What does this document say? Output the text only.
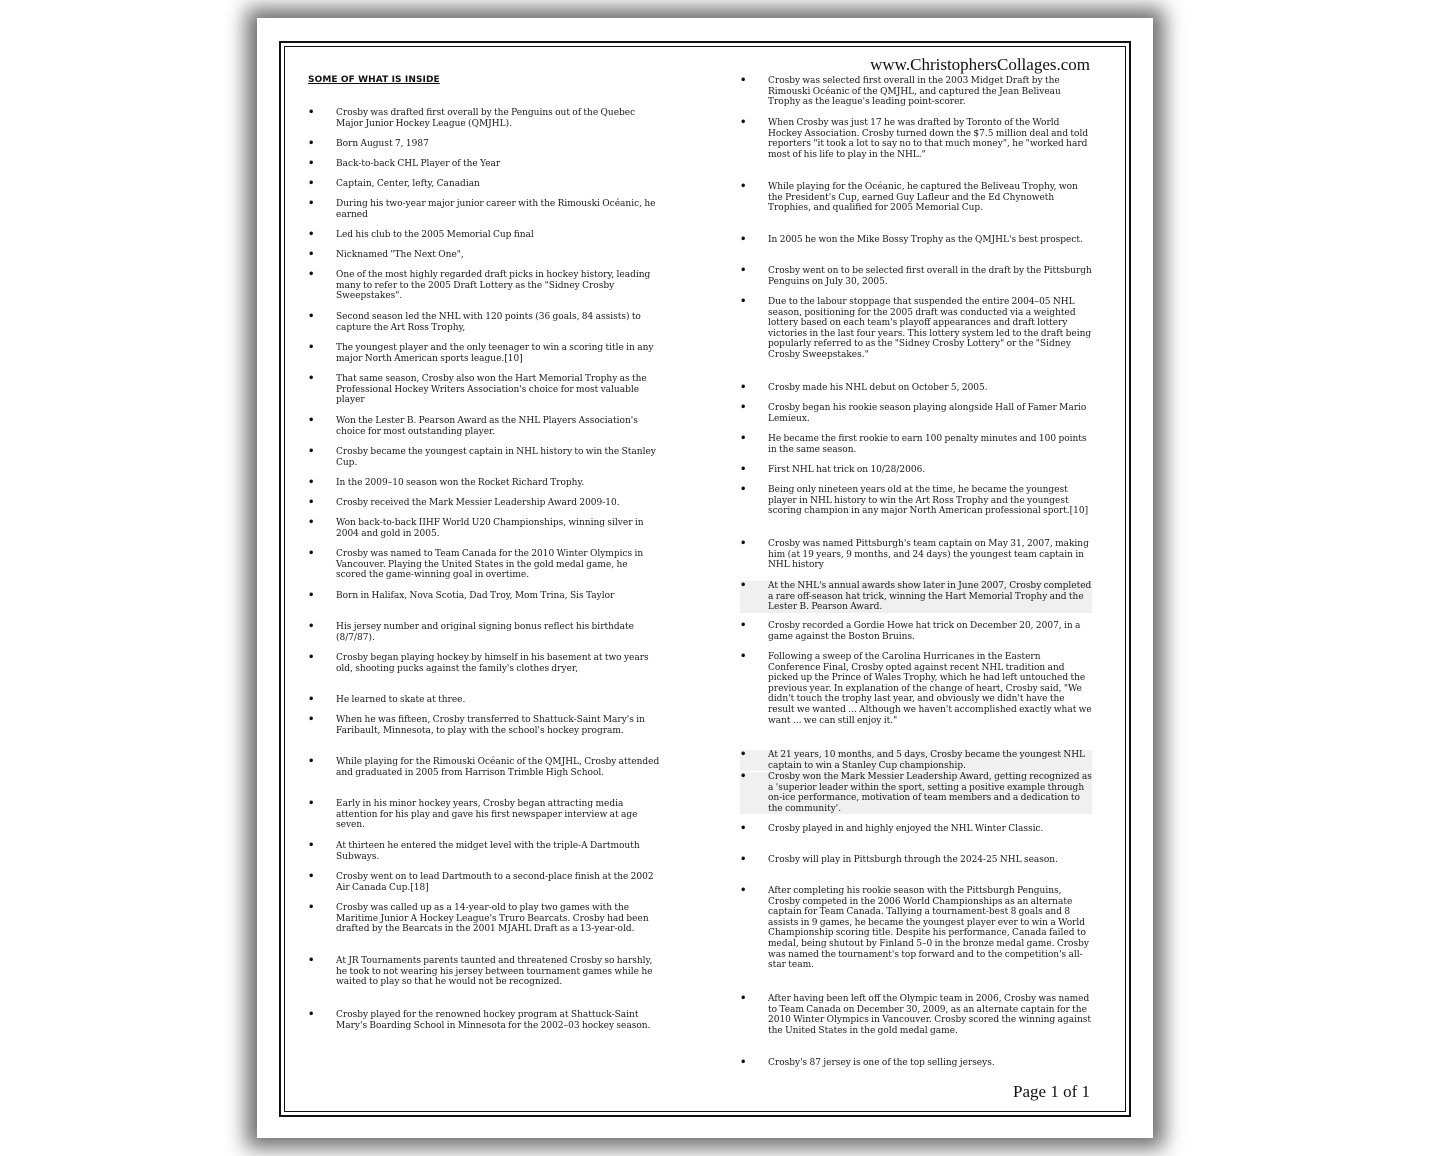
www.ChristophersCollages.com
SOME OF WHAT IS INSIDE
• Crosby was drafted first overall by the Penguins out of the Quebec Major Junior Hockey League (QMJHL).
• Born August 7, 1987
• Back-to-back CHL Player of the Year
• Captain, Center, lefty, Canadian
• During his two-year major junior career with the Rimouski Océanic, he earned
• Led his club to the 2005 Memorial Cup final
• Nicknamed "The Next One",
• One of the most highly regarded draft picks in hockey history, leading many to refer to the 2005 Draft Lottery as the "Sidney Crosby Sweepstakes".
• Second season led the NHL with 120 points (36 goals, 84 assists) to capture the Art Ross Trophy,
• The youngest player and the only teenager to win a scoring title in any major North American sports league.[10]
• That same season, Crosby also won the Hart Memorial Trophy as the Professional Hockey Writers Association's choice for most valuable player
• Won the Lester B. Pearson Award as the NHL Players Association's choice for most outstanding player.
• Crosby became the youngest captain in NHL history to win the Stanley Cup.
• In the 2009–10 season won the Rocket Richard Trophy.
• Crosby received the Mark Messier Leadership Award 2009-10.
• Won back-to-back IIHF World U20 Championships, winning silver in 2004 and gold in 2005.
• Crosby was named to Team Canada for the 2010 Winter Olympics in Vancouver. Playing the United States in the gold medal game, he scored the game-winning goal in overtime.
• Born in Halifax, Nova Scotia, Dad Troy, Mom Trina, Sis Taylor
• His jersey number and original signing bonus reflect his birthdate (8/7/87).
• Crosby began playing hockey by himself in his basement at two years old, shooting pucks against the family's clothes dryer,
• He learned to skate at three.
• When he was fifteen, Crosby transferred to Shattuck-Saint Mary's in Faribault, Minnesota, to play with the school's hockey program.
• While playing for the Rimouski Océanic of the QMJHL, Crosby attended and graduated in 2005 from Harrison Trimble High School.
• Early in his minor hockey years, Crosby began attracting media attention for his play and gave his first newspaper interview at age seven.
• At thirteen he entered the midget level with the triple-A Dartmouth Subways.
• Crosby went on to lead Dartmouth to a second-place finish at the 2002 Air Canada Cup.[18]
• Crosby was called up as a 14-year-old to play two games with the Maritime Junior A Hockey League's Truro Bearcats. Crosby had been drafted by the Bearcats in the 2001 MJAHL Draft as a 13-year-old.
• At JR Tournaments parents taunted and threatened Crosby so harshly, he took to not wearing his jersey between tournament games while he waited to play so that he would not be recognized.
• Crosby played for the renowned hockey program at Shattuck-Saint Mary's Boarding School in Minnesota for the 2002–03 hockey season.
• Crosby was selected first overall in the 2003 Midget Draft by the Rimouski Océanic of the QMJHL, and captured the Jean Beliveau Trophy as the league's leading point-scorer.
• When Crosby was just 17 he was drafted by Toronto of the World Hockey Association. Crosby turned down the $7.5 million deal and told reporters "it took a lot to say no to that much money", he "worked hard most of his life to play in the NHL."
• While playing for the Océanic, he captured the Beliveau Trophy, won the President's Cup, earned Guy Lafleur and the Ed Chynoweth Trophies, and qualified for 2005 Memorial Cup.
• In 2005 he won the Mike Bossy Trophy as the QMJHL's best prospect.
• Crosby went on to be selected first overall in the draft by the Pittsburgh Penguins on July 30, 2005.
• Due to the labour stoppage that suspended the entire 2004–05 NHL season, positioning for the 2005 draft was conducted via a weighted lottery based on each team's playoff appearances and draft lottery victories in the last four years. This lottery system led to the draft being popularly referred to as the "Sidney Crosby Lottery" or the "Sidney Crosby Sweepstakes."
• Crosby made his NHL debut on October 5, 2005.
• Crosby began his rookie season playing alongside Hall of Famer Mario Lemieux.
• He became the first rookie to earn 100 penalty minutes and 100 points in the same season.
• First NHL hat trick on 10/28/2006.
• Being only nineteen years old at the time, he became the youngest player in NHL history to win the Art Ross Trophy and the youngest scoring champion in any major North American professional sport.[10]
• Crosby was named Pittsburgh's team captain on May 31, 2007, making him (at 19 years, 9 months, and 24 days) the youngest team captain in NHL history
• At the NHL's annual awards show later in June 2007, Crosby completed a rare off-season hat trick, winning the Hart Memorial Trophy and the Lester B. Pearson Award.
• Crosby recorded a Gordie Howe hat trick on December 20, 2007, in a game against the Boston Bruins.
• Following a sweep of the Carolina Hurricanes in the Eastern Conference Final, Crosby opted against recent NHL tradition and picked up the Prince of Wales Trophy, which he had left untouched the previous year. In explanation of the change of heart, Crosby said, "We didn't touch the trophy last year, and obviously we didn't have the result we wanted ... Although we haven't accomplished exactly what we want ... we can still enjoy it."
• At 21 years, 10 months, and 5 days, Crosby became the youngest NHL captain to win a Stanley Cup championship.
• Crosby won the Mark Messier Leadership Award, getting recognized as a 'superior leader within the sport, setting a positive example through on-ice performance, motivation of team members and a dedication to the community'.
• Crosby played in and highly enjoyed the NHL Winter Classic.
• Crosby will play in Pittsburgh through the 2024-25 NHL season.
• After completing his rookie season with the Pittsburgh Penguins, Crosby competed in the 2006 World Championships as an alternate captain for Team Canada. Tallying a tournament-best 8 goals and 8 assists in 9 games, he became the youngest player ever to win a World Championship scoring title. Despite his performance, Canada failed to medal, being shutout by Finland 5–0 in the bronze medal game. Crosby was named the tournament's top forward and to the competition's all-star team.
• After having been left off the Olympic team in 2006, Crosby was named to Team Canada on December 30, 2009, as an alternate captain for the 2010 Winter Olympics in Vancouver. Crosby scored the winning against the United States in the gold medal game.
• Crosby's 87 jersey is one of the top selling jerseys.
Page 1 of 1
